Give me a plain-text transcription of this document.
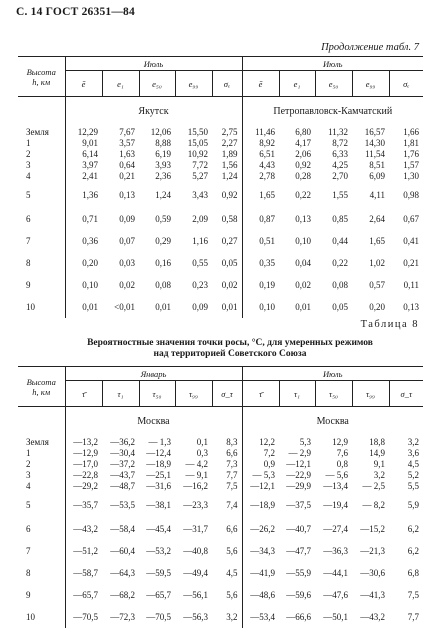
С. 14 ГОСТ 26351—84
Продолжение табл. 7
Высота
h, км	Июль					Июль				
	ē	e₁	e₅₀	e₉₉	σₑ	ē	e₁	e₅₀	e₉₉	σₑ
	Якутск					Петропавловск-Камчатский				
Земля	12,29	7,67	12,06	15,50	2,75	11,46	6,80	11,32	16,57	1,66
1	9,01	3,57	8,88	15,05	2,27	8,92	4,17	8,72	14,30	1,81
2	6,14	1,63	6,19	10,92	1,89	6,51	2,06	6,33	11,54	1,76
3	3,97	0,64	3,93	7,72	1,56	4,43	0,92	4,25	8,51	1,57
4	2,41	0,21	2,36	5,27	1,24	2,78	0,28	2,70	6,09	1,30
5	1,36	0,13	1,24	3,43	0,92	1,65	0,22	1,55	4,11	0,98
6	0,71	0,09	0,59	2,09	0,58	0,87	0,13	0,85	2,64	0,67
7	0,36	0,07	0,29	1,16	0,27	0,51	0,10	0,44	1,65	0,41
8	0,20	0,03	0,16	0,55	0,05	0,35	0,04	0,22	1,02	0,21
9	0,10	0,02	0,08	0,23	0,02	0,19	0,02	0,08	0,57	0,11
10	0,01	<0,01	0,01	0,09	0,01	0,10	0,01	0,05	0,20	0,13
Таблица 8
Вероятностные значения точки росы, °С, для умеренных режимов
над территорией Советского Союза
Высота
h, км	Январь					Июль				
	τ̄	τ₁	τ₅₀	τ₉₉	σ_τ	τ̄	τ₁	τ₅₀	τ₉₉	σ_τ
	Москва					Москва				
Земля	—13,2	—36,2	— 1,3	0,1	8,3	12,2	5,3	12,9	18,8	3,2
1	—12,9	—30,4	—12,4	0,3	6,6	7,2	— 2,9	7,6	14,9	3,6
2	—17,0	—37,2	—18,9	— 4,2	7,3	0,9	—12,1	0,8	9,1	4,5
3	—22,8	—43,7	—25,1	— 9,1	7,7	— 5,3	—22,9	— 5,6	3,2	5,2
4	—29,2	—48,7	—31,6	—16,2	7,5	—12,1	—29,9	—13,4	— 2,5	5,5
5	—35,7	—53,5	—38,1	—23,3	7,4	—18,9	—37,5	—19,4	— 8,2	5,9
6	—43,2	—58,4	—45,4	—31,7	6,6	—26,2	—40,7	—27,4	—15,2	6,2
7	—51,2	—60,4	—53,2	—40,8	5,6	—34,3	—47,7	—36,3	—21,3	6,2
8	—58,7	—64,3	—59,5	—49,4	4,5	—41,9	—55,9	—44,1	—30,6	6,8
9	—65,7	—68,2	—65,7	—56,1	5,6	—48,6	—59,6	—47,6	—41,3	7,5
10	—70,5	—72,3	—70,5	—56,3	3,2	—53,4	—66,6	—50,1	—43,2	7,7
